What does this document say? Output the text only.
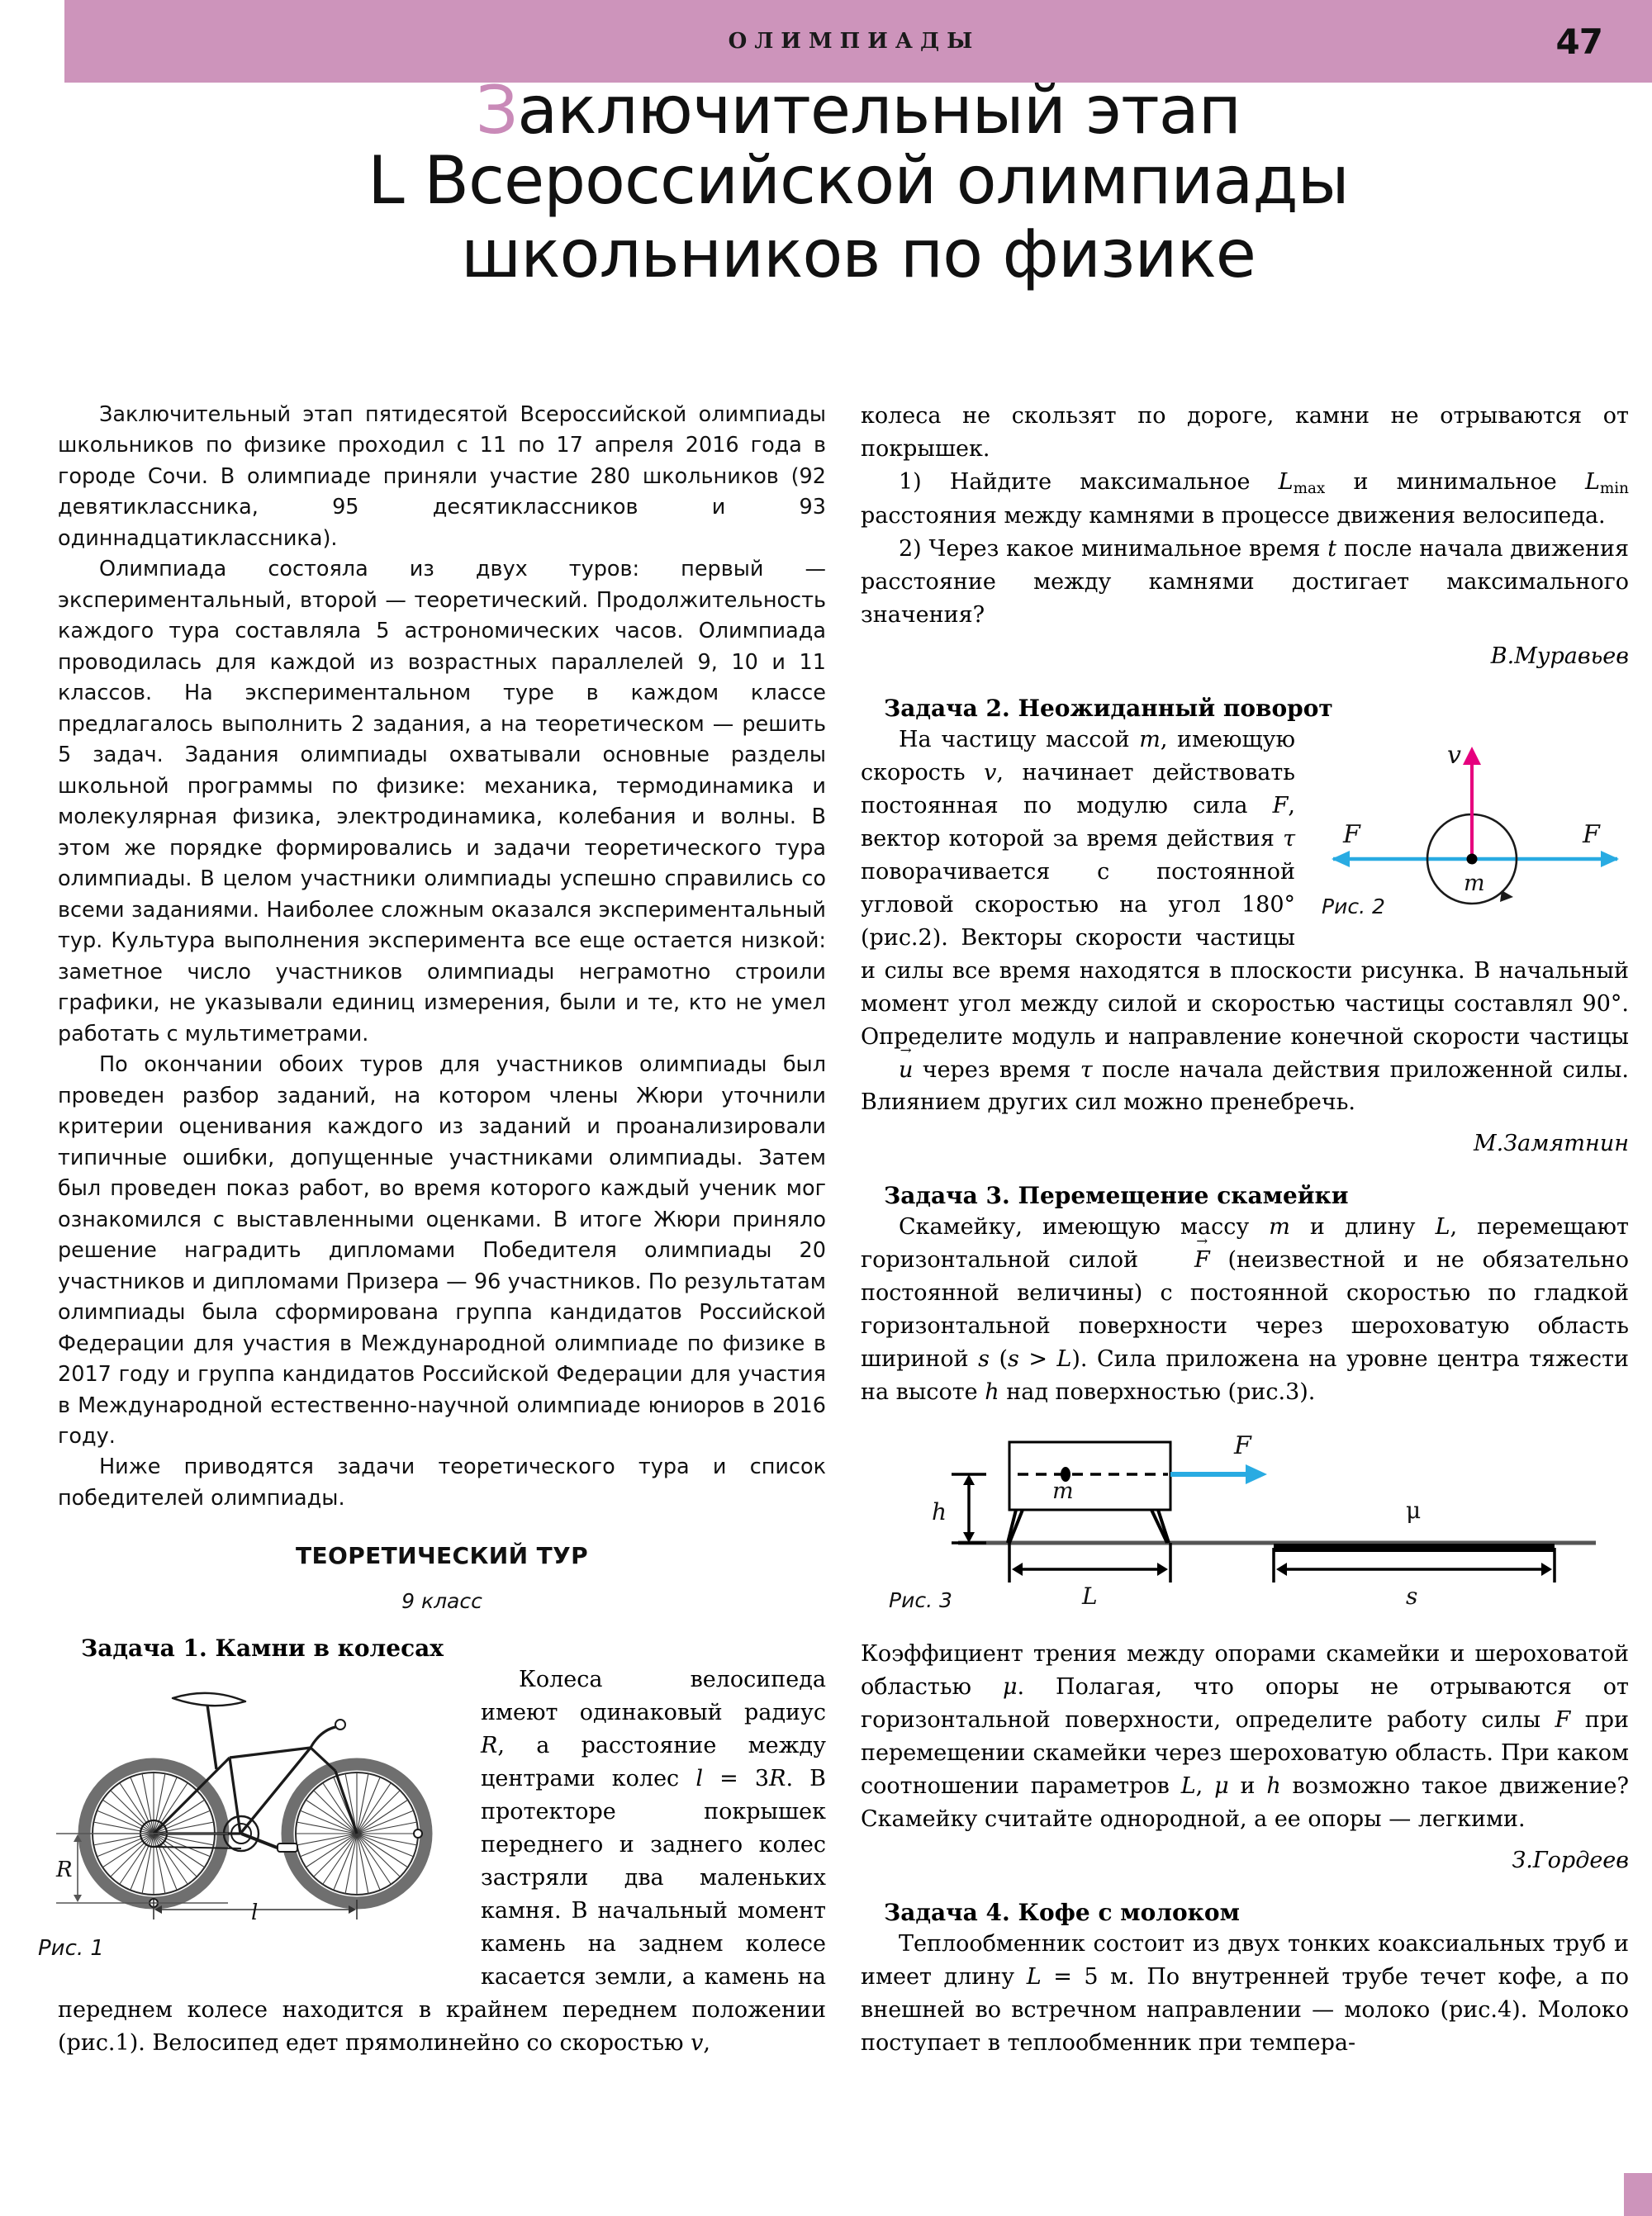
ОЛИМПИАДЫ	47
Заключительный этап
L Всероссийской олимпиады
школьников по физике

Заключительный этап пятидесятой Всероссийской олимпиады школьников по физике проходил с 11 по 17 апреля 2016 года в городе Сочи. В олимпиаде приняли участие 280 школьников (92 девятиклассника, 95 десятиклассников и 93 одиннадцатиклассника).

Олимпиада состояла из двух туров: первый — экспериментальный, второй — теоретический. Продолжительность каждого тура составляла 5 астрономических часов. Олимпиада проводилась для каждой из возрастных параллелей 9, 10 и 11 классов. На экспериментальном туре в каждом классе предлагалось выполнить 2 задания, а на теоретическом — решить 5 задач. Задания олимпиады охватывали основные разделы школьной программы по физике: механика, термодинамика и молекулярная физика, электродинамика, колебания и волны. В этом же порядке формировались и задачи теоретического тура олимпиады. В целом участники олимпиады успешно справились со всеми заданиями. Наиболее сложным оказался экспериментальный тур. Культура выполнения эксперимента все еще остается низкой: заметное число участников олимпиады неграмотно строили графики, не указывали единиц измерения, были и те, кто не умел работать с мультиметрами.

По окончании обоих туров для участников олимпиады был проведен разбор заданий, на котором члены Жюри уточнили критерии оценивания каждого из заданий и проанализировали типичные ошибки, допущенные участниками олимпиады. Затем был проведен показ работ, во время которого каждый ученик мог ознакомился с выставленными оценками. В итоге Жюри приняло решение наградить дипломами Победителя олимпиады 20 участников и дипломами Призера — 96 участников. По результатам олимпиады была сформирована группа кандидатов Российской Федерации для участия в Международной олимпиаде по физике в 2017 году и группа кандидатов Российской Федерации для участия в Международной естественно-научной олимпиаде юниоров в 2016 году.

Ниже приводятся задачи теоретического тура и список победителей олимпиады.

ТЕОРЕТИЧЕСКИЙ ТУР
9 класс
Задача 1. Камни в колесах
R
l
Рис. 1

Колеса велосипеда имеют одинаковый радиус R, а расстояние между центрами колес l = 3R. В протекторе покрышек переднего и заднего колес застряли два маленьких камня. В начальный момент камень на заднем колесе касается земли, а камень на переднем колесе находится в крайнем переднем положении (рис.1). Велосипед едет прямолинейно со скоростью v,

колеса не скользят по дороге, камни не отрываются от покрышек.

1) Найдите максимальное $L_{max}$ и минимальное $L_{min}$ расстояния между камнями в процессе движения велосипеда.

2) Через какое минимальное время t после начала движения расстояние между камнями достигает максимального значения?

В.Муравьев
Задача 2. Неожиданный поворот
F	F
v
m
Рис. 2

На частицу массой m, имеющую скорость v, начинает действовать постоянная по модулю сила F, вектор которой за время действия τ поворачивается с постоянной угловой скоростью на угол 180° (рис.2). Векторы скорости частицы и силы все время находятся в плоскости рисунка. В начальный момент угол между силой и скоростью частицы составлял 90°. Определите модуль и направление конечной скорости частицы u → через время τ после начала действия приложенной силы. Влиянием других сил можно пренебречь.

М.Замятнин
Задача 3. Перемещение скамейки

Скамейку, имеющую массу m и длину L, перемещают горизонтальной силой F → (неизвестной и не обязательно постоянной величины) с постоянной скоростью по гладкой горизонтальной поверхности через шероховатую область шириной s (s > L). Сила приложена на уровне центра тяжести на высоте h над поверхностью (рис.3).

μ
m
F
h
L	s
Рис. 3

Коэффициент трения между опорами скамейки и шероховатой областью μ. Полагая, что опоры не отрываются от горизонтальной поверхности, определите работу силы F при перемещении скамейки через шероховатую область. При каком соотношении параметров L, μ и h возможно такое движение? Скамейку считайте однородной, а ее опоры — легкими.

З.Гордеев
Задача 4. Кофе с молоком

Теплообменник состоит из двух тонких коаксиальных труб и имеет длину L = 5 м. По внутренней трубе течет кофе, а по внешней во встречном направлении — молоко (рис.4). Молоко поступает в теплообменник при темпера-
